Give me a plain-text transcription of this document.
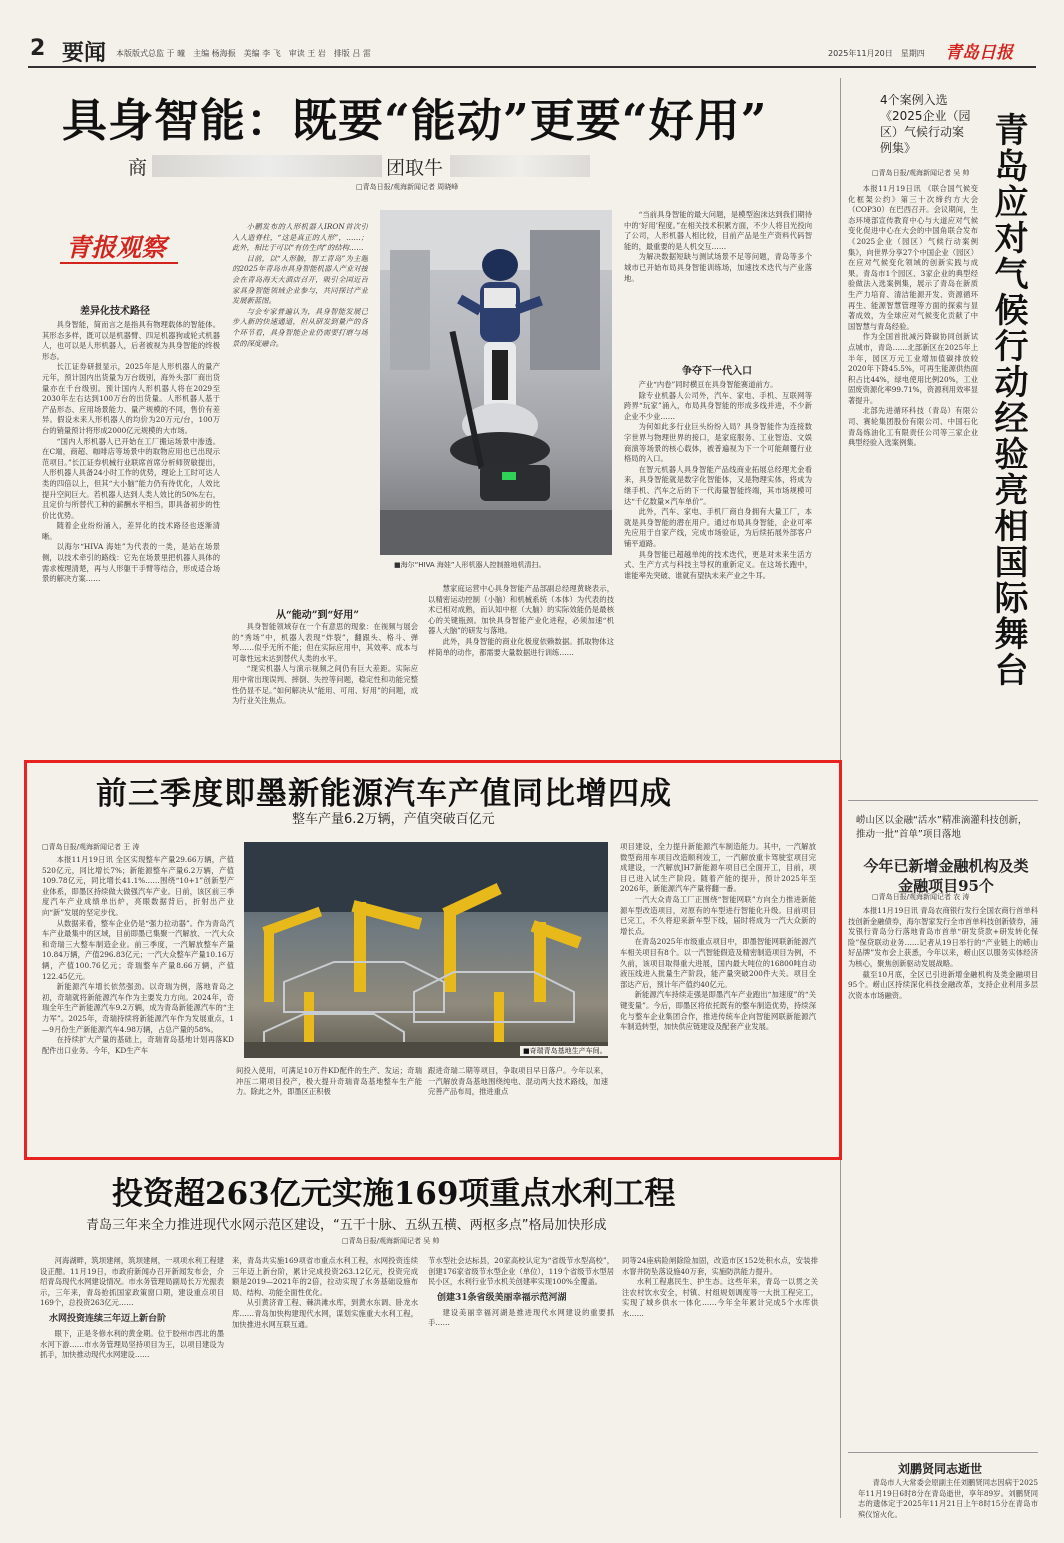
2 要闻 本版版式总监 于 曈　主编 杨海振　美编 李 飞　审读 王 岩　排版 吕 雷	2025年11月20日　星期四 青岛日报
具身智能：既要“能动”更要“好用”
商	团取牛
□青岛日报/观海新闻记者 周晓峰
青报观察
差异化技术路径

具身智能，简而言之是指具有物理载体的智能体。其形态多样，既可以是机器臂、四足机器狗或轮式机器人，也可以是人形机器人，后者被视为具身智能的终极形态。

长江证券研报显示，2025年是人形机器人的量产元年，预计国内出货量为万台级别，海外头部厂商出货量亦在千台级别。预计国内人形机器人将在2029至2030年左右达到100万台的出货量。人形机器人基于产品形态、应用场景能力、量产规模的不同，售价有差异。假设未来人形机器人的均价为20万元/台，100万台的销量预计将形成2000亿元规模的大市场。

“国内人形机器人已开始在工厂搬运场景中渗透。在C端，商超、咖啡店等场景中的取物应用也已出现示范项目。”长江证券机械行业联席首席分析师贺敏提出，人形机器人具备24小时工作的优势，理论上工时可达人类的四倍以上，但其“大小脑”能力仍有待优化，人效比提升空间巨大。若机器人达到人类人效比的50%左右，且定价与所替代工种的薪酬水平相当，即具备初步的性价比优势。

随着企业纷纷涌入，差异化的技术路径也逐渐清晰。

以海尔“HIVA 海娃”为代表的一类，是站在场景侧，以技术牵引的路线：它先在场景里把机器人具体的需求梳理清楚，再与人形躯干手臂等结合，形成适合场景的解决方案……

小鹏发布的人形机器人IRON首次引入人造脊柱，“这是真正的人形”，……；此外，相比于可以“有仿生肉”的结构……

目前，以“人形脑，智工青岛”为主题的2025年青岛市具身智能机器人产业对接会在青岛海天大酒店召开，吸引全国近百家具身智能领域企业参与，共同探讨产业发展新蓝图。

与会专家普遍认为，具身智能发展已步入新的快速通道，但从研发到量产的各个环节看，具身智能企业仍需要打磨与场景的深度融合。

■海尔“HIVA 海娃”人形机器人控制推地机清扫。
从“能动”到“好用”

具身智能领域存在一个有意思的现象：在视频与展会的“秀场”中，机器人表现“炸裂”，翻跟头、格斗、弹琴……似乎无所不能；但在实际应用中，其效率、成本与可靠性远未达到替代人类的水平。

“现实机器人与演示视频之间仍有巨大差距。实际应用中常出现误判、摔倒、失控等问题，稳定性和功能完整性仍显不足。”如何解决从“能用、可用、好用”的问题，成为行业关注焦点。

慧家庭运营中心具身智能产品部副总经理黄晓表示，以精密运动控制（小脑）和机械系统（本体）为代表的技术已相对成熟，而认知中枢（大脑）的实际效能仍是最核心的关键瓶颈。加快具身智能产业化进程，必须加速“机器人大脑”的研发与落地。

此外，具身智能的商业化极度依赖数据。抓取物体这样简单的动作，都需要大量数据进行训练……

“当前具身智能的最大问题，是模型泡沫达到我们期待中的‘好用’程度。”在相关技术积累方面，不少人将目光投向了公司，人形机器人相比较，目前产品是生产资料代码智能的，最重要的是人机交互……

为解决数据短缺与测试场景不足等问题，青岛等多个城市已开始布局具身智能训练场，加速技术迭代与产业落地。

争夺下一代入口

产业“内卷”同时横亘在具身智能赛道前方。

除专业机器人公司外，汽车、家电、手机、互联网等跨界“玩家”涌入，布局具身智能的形成多线并进，不少新企业不少业……

为何如此多行业巨头纷纷入局？具身智能作为连接数字世界与物理世界的接口，是家庭服务、工业智造、文娱商演等场景的核心载体，被普遍视为下一个可能颠覆行业格局的入口。

在智元机器人具身智能产品线商业拓展总经理尤金看来，具身智能就是数字化智能体，又是物理实体，将成为继手机、汽车之后的下一代海量智能终端，其市场规模可达“千亿数量×汽车单价”。

此外，汽车、家电、手机厂商自身拥有大量工厂，本就是具身智能的潜在用户。通过布局具身智能，企业可率先应用于自家产线，完成市场验证，为后续拓展外部客户铺平道路。

具身智能已超越单纯的技术迭代，更是对未来生活方式、生产方式与科技主导权的重新定义。在这场长跑中，谁能率先突破、谁就有望执未来产业之牛耳。

4个案例入选《2025企业（园区）气候行动案例集》	青岛应对气候行动经验亮相国际舞台
□青岛日报/观海新闻记者 吴 帅

本报11月19日讯 《联合国气候变化框架公约》第三十次缔约方大会（COP30）在巴西召开。会议期间，生态环境部宣传教育中心与大道应对气候变化促进中心在大会的中国角联合发布《2025企业（园区）气候行动案例集》，向世界分享27个中国企业（园区）在应对气候变化领域的创新实践与成果。青岛市1个园区、3家企业的典型经验做法入选案例集，展示了青岛在新质生产力培育、清洁能源开发、资源循环再生、能源智慧管理等方面的探索与显著成效，为全球应对气候变化贡献了中国智慧与青岛经验。

作为全国首批减污降碳协同创新试点城市，青岛……北部新区在2025年上半年，园区万元工业增加值碳排放较2020年下降45.5%，可再生能源供热面积占比44%，绿电使用比例20%，工业固废资源化率99.71%，资源利用效率显著提升。

北部先进循环科技（青岛）有限公司、赛轮集团股份有限公司、中国石化青岛炼油化工有限责任公司等三家企业典型经验入选案例集。

崂山区以金融“活水”精准滴灌科技创新，推动一批“首单”项目落地
今年已新增金融机构及类金融项目95个
□青岛日报/观海新闻记者 农 涛

本报11月19日讯 青岛农商银行发行全国农商行首单科技创新金融债券，海尔智家发行全市首单科技创新债券，浦发银行青岛分行落地青岛市首单“研发贷款+研发转化保险”保贷联动业务……记者从19日举行的“产业链上的崂山好品牌”发布会上获悉，今年以来，崂山区以服务实体经济为核心，聚焦创新驱动发展战略。

截至10月底，全区已引进新增金融机构及类金融项目95个。崂山区持续深化科技金融改革，支持企业利用多层次资本市场融资。

刘鹏贤同志逝世

青岛市人大常委会原副主任刘鹏贤同志因病于2025年11月19日6时8分在青岛逝世，享年89岁。刘鹏贤同志的遗体定于2025年11月21日上午8时15分在青岛市殡仪馆火化。

前三季度即墨新能源汽车产值同比增四成
整车产量6.2万辆，产值突破百亿元
□青岛日报/观海新闻记者 王 涛

本报11月19日讯 全区实现整车产量29.66万辆，产值520亿元，同比增长7%；新能源整车产量6.2万辆，产值109.78亿元，同比增长41.1%……围绕“10+1”创新型产业体系，即墨区持续做大做强汽车产业。日前，该区前三季度汽车产业成绩单出炉，亮眼数据背后，折射出产业向“新”发展的坚定步伐。

从数据来看，整车企业仍是“强力拉动器”。作为青岛汽车产业最集中的区域，目前即墨已集聚一汽解放、一汽大众和奇瑞三大整车制造企业。前三季度，一汽解放整车产量10.84万辆，产值296.83亿元；一汽大众整车产量10.16万辆，产值100.76亿元；奇瑞整车产量8.66万辆，产值122.45亿元。

新能源汽车增长依然强劲。以奇瑞为例，落地青岛之初，奇瑞就将新能源汽车作为主要发力方向。2024年，奇瑞全年生产新能源汽车9.2万辆，成为青岛新能源汽车的“主力军”。2025年，奇瑞持续将新能源汽车作为发展重点，1—9月份生产新能源汽车4.98万辆，占总产量的58%。

在持续扩大产量的基础上，奇瑞青岛基地计划再落KD配件出口业务。今年，KD生产车	■奇瑞青岛基地生产车间。

间投入使用，可满足10万件KD配件的生产、发运；奇瑞冲压二期项目投产，极大提升奇瑞青岛基地整车生产能力。除此之外，即墨区正积极

跟进奇瑞二期等项目，争取项目早日落户。今年以来，一汽解放青岛基地围绕纯电、混动两大技术路线，加速完善产品布局，推进重点

项目建设，全力提升新能源汽车制造能力。其中，一汽解放微型商用车项目改造顺利竣工，一汽解放重卡驾驶室项目完成建设，一汽解放JH7新能源车项目已全面开工，目前，项目已进入试生产阶段。随着产能的提升，预计2025年至2026年，新能源汽车产量将翻一番。

一汽大众青岛工厂正围绕“智能网联”方向全力推进新能源车型改造项目，对原有的车型进行智能化升级。目前项目已完工，不久将迎来新车型下线，届时将成为一汽大众新的增长点。

在青岛2025年市级重点项目中，即墨智能网联新能源汽车相关项目有8个。以一汽智能假造及精密制造项目为例，不久前，该项目取得重大进展，国内最大吨位的16800吨自动液压线进入批量生产阶段，能产量突破200件大关。项目全部达产后，预计年产值约40亿元。

新能源汽车持续走强是即墨汽车产业跑出“加速度”的“关键变量”。今后，即墨区将依托既有的整车制造优势，持续深化与整车企业集团合作，推进传统车企向智能网联新能源汽车制造转型，加快供应链建设及配套产业发展。

投资超263亿元实施169项重点水利工程
青岛三年来全力推进现代水网示范区建设，“五干十脉、五纵五横、两枢多点”格局加快形成
□青岛日报/观海新闻记者 吴 帅

河海湖畔，筑坝建闸，筑坝建闸，一项项水利工程建设正酣。11月19日，市政府新闻办召开新闻发布会，介绍青岛现代水网建设情况。市水务管理局副局长万光振表示，三年来，青岛抢抓国家政策窗口期，建设重点项目169个，总投资263亿元……

水网投资连续三年迈上新台阶

眼下，正是冬修水利的黄金期。位于胶州市西北的墨水河下游……市水务管理局坚持项目为王，以项目建设为抓手，加快推动现代水网建设……

来，青岛共实施169项省市重点水利工程，水网投资连续三年迈上新台阶，累计完成投资263.12亿元，投资完成额是2019—2021年的2倍，拉动实现了水务基础设施布局、结构、功能全面性优化。

从引黄济青工程、棘洪滩水库，到黄水东调、卧龙水库……青岛加快构建现代水网，谋划实施重大水利工程，加快推进水网互联互通。

节水型社会达标县，20家高校认定为“省级节水型高校”，创建176家省级节水型企业（单位），119个省级节水型居民小区，水利行业节水机关创建率实现100%全覆盖。

创建31条省级美丽幸福示范河湖

建设美丽幸福河湖是推进现代水网建设的重要抓手……

同等24座病险闸除险加固，改造市区152处积水点，安装排水窨井防坠落设施40万套，实施防洪能力提升。

水利工程惠民生、护生态。这些年来，青岛一以贯之关注农村饮水安全，村镇、村组规划调度等一大批工程完工，实现了城乡供水一体化……今年全年累计完成5个水库供水……
